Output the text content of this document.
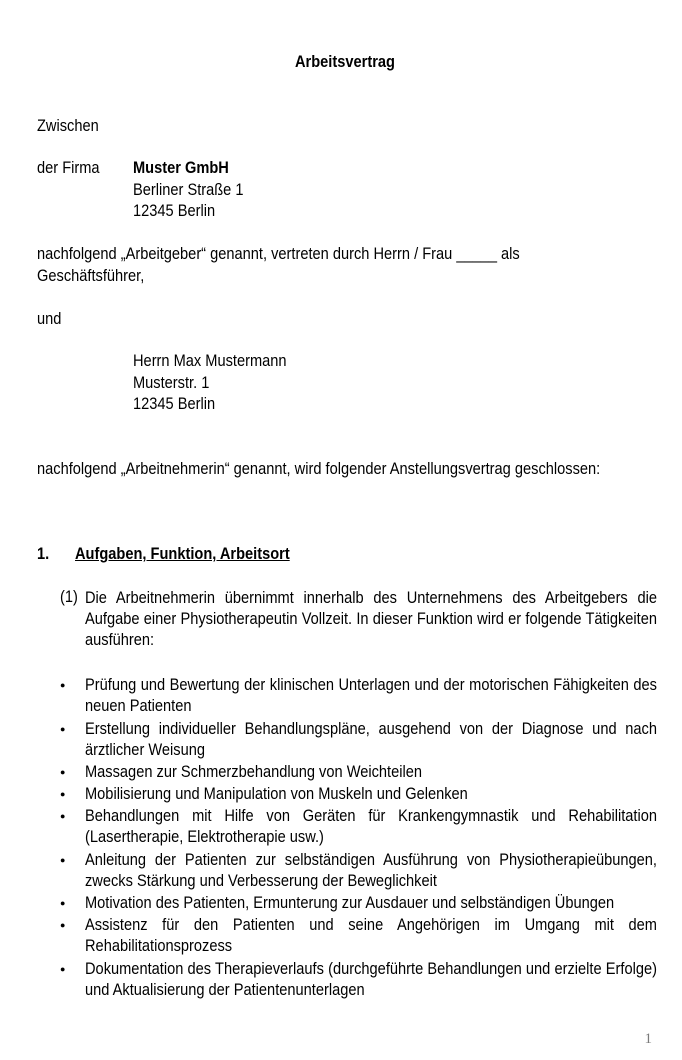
Arbeitsvertrag
Zwischen
der Firma Muster GmbH
Berliner Straße 1
12345 Berlin
nachfolgend „Arbeitgeber“ genannt, vertreten durch Herrn / Frau _____ als
Geschäftsführer,
und
Herrn Max Mustermann
Musterstr. 1
12345 Berlin
nachfolgend „Arbeitnehmerin“ genannt, wird folgender Anstellungsvertrag geschlossen:
1. Aufgaben, Funktion, Arbeitsort
(1) Die Arbeitnehmerin übernimmt innerhalb des Unternehmens des Arbeitgebers die Aufgabe einer Physiotherapeutin Vollzeit. In dieser Funktion wird er folgende Tätigkeiten ausführen:
● Prüfung und Bewertung der klinischen Unterlagen und der motorischen Fähigkeiten des neuen Patienten
● Erstellung individueller Behandlungspläne, ausgehend von der Diagnose und nach ärztlicher Weisung
● Massagen zur Schmerzbehandlung von Weichteilen
● Mobilisierung und Manipulation von Muskeln und Gelenken
● Behandlungen mit Hilfe von Geräten für Krankengymnastik und Rehabilitation (Lasertherapie, Elektrotherapie usw.)
● Anleitung der Patienten zur selbständigen Ausführung von Physiotherapieübungen, zwecks Stärkung und Verbesserung der Beweglichkeit
● Motivation des Patienten, Ermunterung zur Ausdauer und selbständigen Übungen
● Assistenz für den Patienten und seine Angehörigen im Umgang mit dem Rehabilitationsprozess
● Dokumentation des Therapieverlaufs (durchgeführte Behandlungen und erzielte Erfolge) und Aktualisierung der Patientenunterlagen
1
